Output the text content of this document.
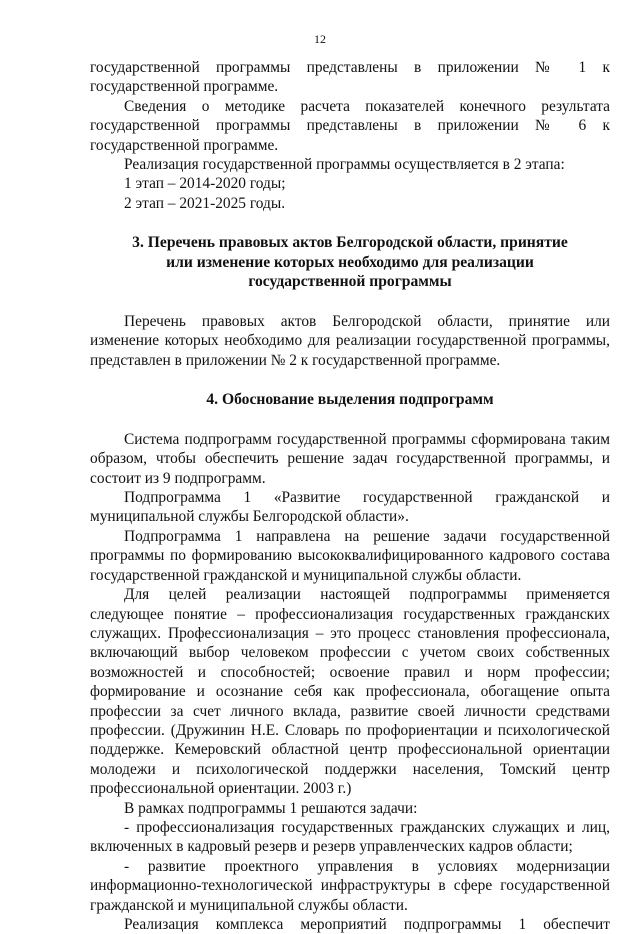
12

государственной программы представлены в приложении № 1 к государственной программе.

Сведения о методике расчета показателей конечного результата государственной программы представлены в приложении № 6 к государственной программе.

Реализация государственной программы осуществляется в 2 этапа:

1 этап – 2014-2020 годы;

2 этап – 2021-2025 годы.

3. Перечень правовых актов Белгородской области, принятие

или изменение которых необходимо для реализации

государственной программы

Перечень правовых актов Белгородской области, принятие или изменение которых необходимо для реализации государственной программы, представлен в приложении № 2 к государственной программе.

4. Обоснование выделения подпрограмм

Система подпрограмм государственной программы сформирована таким образом, чтобы обеспечить решение задач государственной программы, и состоит из 9 подпрограмм.

Подпрограмма 1 «Развитие государственной гражданской и муниципальной службы Белгородской области».

Подпрограмма 1 направлена на решение задачи государственной программы по формированию высококвалифицированного кадрового состава государственной гражданской и муниципальной службы области.

Для целей реализации настоящей подпрограммы применяется следующее понятие – профессионализация государственных гражданских служащих. Профессионализация – это процесс становления профессионала, включающий выбор человеком профессии с учетом своих собственных возможностей и способностей; освоение правил и норм профессии; формирование и осознание себя как профессионала, обогащение опыта профессии за счет личного вклада, развитие своей личности средствами профессии. (Дружинин Н.Е. Словарь по профориентации и психологической поддержке. Кемеровский областной центр профессиональной ориентации молодежи и психологической поддержки населения, Томский центр профессиональной ориентации. 2003 г.)

В рамках подпрограммы 1 решаются задачи:

- профессионализация государственных гражданских служащих и лиц, включенных в кадровый резерв и резерв управленческих кадров области;

- развитие проектного управления в условиях модернизации информационно-технологической инфраструктуры в сфере государственной гражданской и муниципальной службы области.

Реализация комплекса мероприятий подпрограммы 1 обеспечит
